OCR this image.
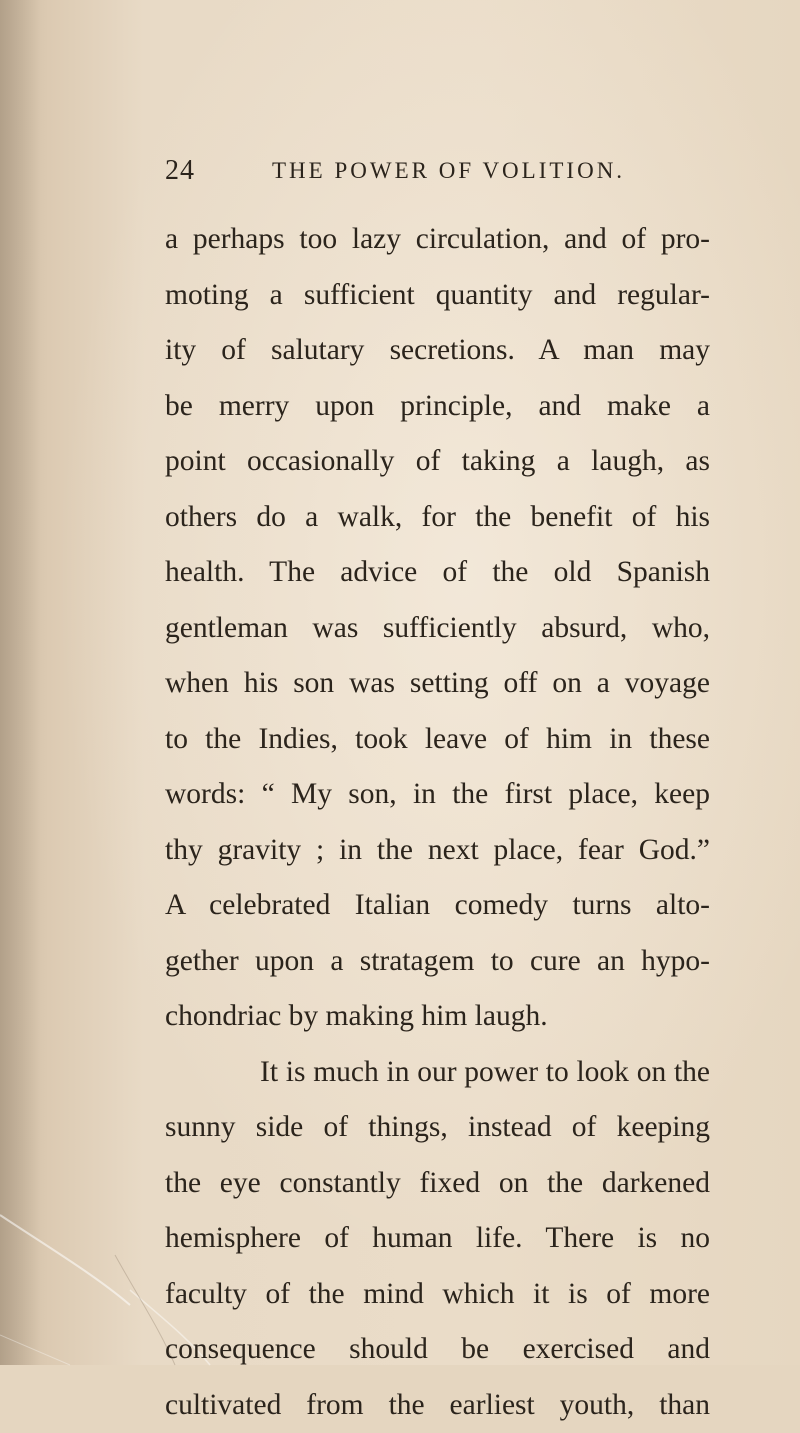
24	THE POWER OF VOLITION.
a perhaps too lazy circulation, and of pro-
moting a sufficient quantity and regular-
ity of salutary secretions. A man may
be merry upon principle, and make a
point occasionally of taking a laugh, as
others do a walk, for the benefit of his
health. The advice of the old Spanish
gentleman was sufficiently absurd, who,
when his son was setting off on a voyage
to the Indies, took leave of him in these
words: “ My son, in the first place, keep
thy gravity ; in the next place, fear God.”
A celebrated Italian comedy turns alto-
gether upon a stratagem to cure an hypo-
chondriac by making him laugh.
It is much in our power to look on the
sunny side of things, instead of keeping
the eye constantly fixed on the darkened
hemisphere of human life. There is no
faculty of the mind which it is of more
consequence should be exercised and
cultivated from the earliest youth, than
